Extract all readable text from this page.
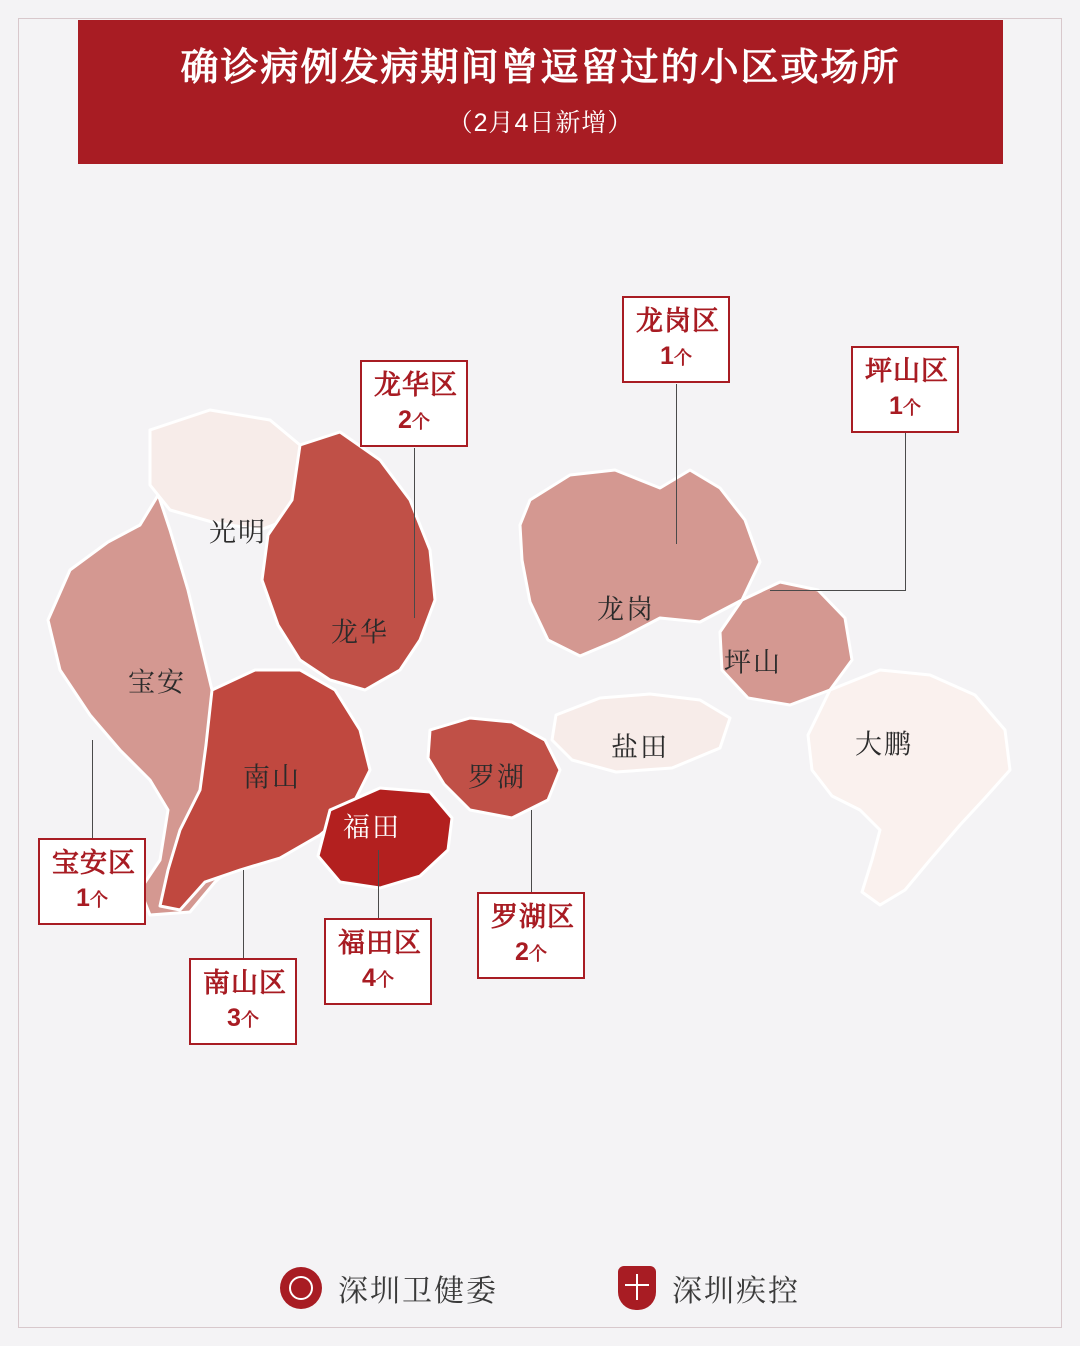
确诊病例发病期间曾逗留过的小区或场所
（2月4日新增）
光明
宝安
龙华
龙岗
坪山
南山
福田
罗湖
盐田	大鹏
宝安区
1个
龙华区
2个
龙岗区
1个	坪山区
1个
南山区
3个
福田区
4个
罗湖区
2个
深圳卫健委	深圳疾控
